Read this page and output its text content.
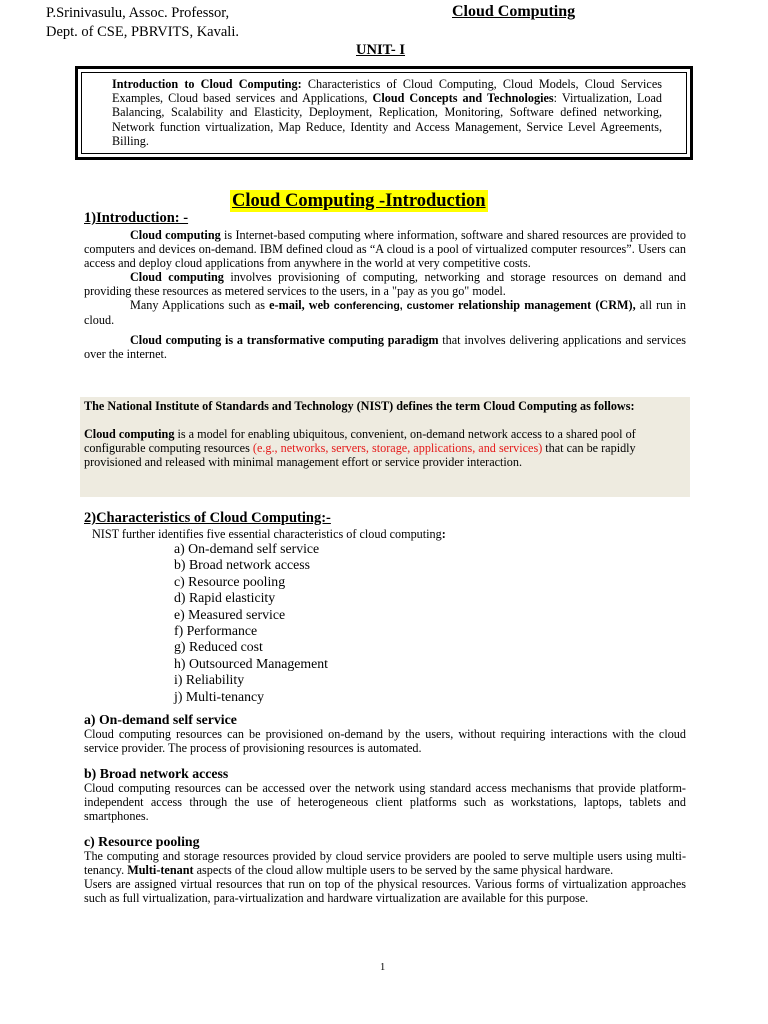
P.Srinivasulu, Assoc. Professor,
Dept. of CSE, PBRVITS, Kavali.
Cloud Computing
UNIT- I
Introduction to Cloud Computing: Characteristics of Cloud Computing, Cloud Models, Cloud Services Examples, Cloud based services and Applications, Cloud Concepts and Technologies: Virtualization, Load Balancing, Scalability and Elasticity, Deployment, Replication, Monitoring, Software defined networking, Network function virtualization, Map Reduce, Identity and Access Management, Service Level Agreements, Billing.
Cloud Computing -Introduction
1)Introduction: -

Cloud computing is Internet-based computing where information, software and shared resources are provided to computers and devices on-demand. IBM defined cloud as “A cloud is a pool of virtualized computer resources”. Users can access and deploy cloud applications from anywhere in the world at very competitive costs.

Cloud computing involves provisioning of computing, networking and storage resources on demand and providing these resources as metered services to the users, in a "pay as you go" model.

Many Applications such as e-mail, web conferencing, customer relationship management (CRM), all run in cloud.

Cloud computing is a transformative computing paradigm that involves delivering applications and services over the internet.

The National Institute of Standards and Technology (NIST) defines the term Cloud Computing as follows:

Cloud computing is a model for enabling ubiquitous, convenient, on-demand network access to a shared pool of configurable computing resources (e.g., networks, servers, storage, applications, and services) that can be rapidly provisioned and released with minimal management effort or service provider interaction.

2)Characteristics of Cloud Computing:-
NIST further identifies five essential characteristics of cloud computing:
a) On-demand self service
b) Broad network access
c) Resource pooling
d) Rapid elasticity
e) Measured service
f) Performance
g) Reduced cost
h) Outsourced Management
i) Reliability
j) Multi-tenancy
a) On-demand self service

Cloud computing resources can be provisioned on-demand by the users, without requiring interactions with the cloud service provider. The process of provisioning resources is automated.

b) Broad network access

Cloud computing resources can be accessed over the network using standard access mechanisms that provide platform-independent access through the use of heterogeneous client platforms such as workstations, laptops, tablets and smartphones.

c) Resource pooling

The computing and storage resources provided by cloud service providers are pooled to serve multiple users using multi-tenancy. Multi-tenant aspects of the cloud allow multiple users to be served by the same physical hardware.

Users are assigned virtual resources that run on top of the physical resources. Various forms of virtualization approaches such as full virtualization, para-virtualization and hardware virtualization are available for this purpose.

1
